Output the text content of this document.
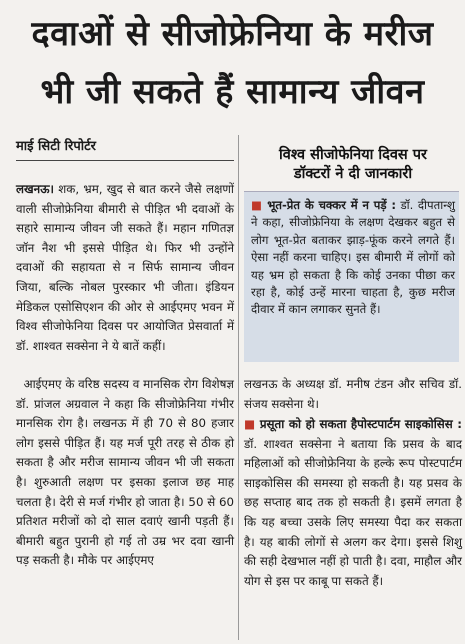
दवाओं से सीजोफ्रेनिया के मरीज
भी जी सकते हैं सामान्य जीवन
माई सिटी रिपोर्टर
विश्व सीजोफेनिया दिवस पर
डॉक्टरों ने दी जानकारी

लखनऊ। शक, भ्रम, खुद से बात करने जैसे लक्षणों वाली सीजोफ्रेनिया बीमारी से पीड़ित भी दवाओं के सहारे सामान्य जीवन जी सकते हैं। महान गणितज्ञ जॉन नैश भी इससे पीड़ित थे। फिर भी उन्होंने दवाओं की सहायता से न सिर्फ सामान्य जीवन जिया, बल्कि नोबल पुरस्कार भी जीता। इंडियन मेडिकल एसोसिएशन की ओर से आईएमए भवन में विश्व सीजोफेनिया दिवस पर आयोजित प्रेसवार्ता में डॉ. शाश्वत सक्सेना ने ये बातें कहीं।

आईएमए के वरिष्ठ सदस्य व मानसिक रोग विशेषज्ञ डॉ. प्रांजल अग्रवाल ने कहा कि सीजोफ्रेनिया गंभीर मानसिक रोग है। लखनऊ में ही 70 से 80 हजार लोग इससे पीड़ित हैं। यह मर्ज पूरी तरह से ठीक हो सकता है और मरीज सामान्य जीवन भी जी सकता है। शुरुआती लक्षण पर इसका इलाज छह माह चलता है। देरी से मर्ज गंभीर हो जाता है। 50 से 60 प्रतिशत मरीजों को दो साल दवाएं खानी पड़ती हैं। बीमारी बहुत पुरानी हो गई तो उम्र भर दवा खानी पड़ सकती है। मौके पर आईएमए

■ भूत-प्रेत के चक्कर में न पड़ें : डॉ. दीपतान्शु ने कहा, सीजोफ्रेनिया के लक्षण देखकर बहुत से लोग भूत-प्रेत बताकर झाड़-फूंक करने लगते हैं। ऐसा नहीं करना चाहिए। इस बीमारी में लोगों को यह भ्रम हो सकता है कि कोई उनका पीछा कर रहा है, कोई उन्हें मारना चाहता है, कुछ मरीज दीवार में कान लगाकर सुनते हैं।

लखनऊ के अध्यक्ष डॉ. मनीष टंडन और सचिव डॉ. संजय सक्सेना थे।

■ प्रसूता को हो सकता हैपोस्टपार्टम साइकोसिस : डॉ. शाश्वत सक्सेना ने बताया कि प्रसव के बाद महिलाओं को सीजोफ्रेनिया के हल्के रूप पोस्टपार्टम साइकोसिस की समस्या हो सकती है। यह प्रसव के छह सप्ताह बाद तक हो सकती है। इसमें लगता है कि यह बच्चा उसके लिए समस्या पैदा कर सकता है। यह बाकी लोगों से अलग कर देगा। इससे शिशु की सही देखभाल नहीं हो पाती है। दवा, माहौल और योग से इस पर काबू पा सकते हैं।
